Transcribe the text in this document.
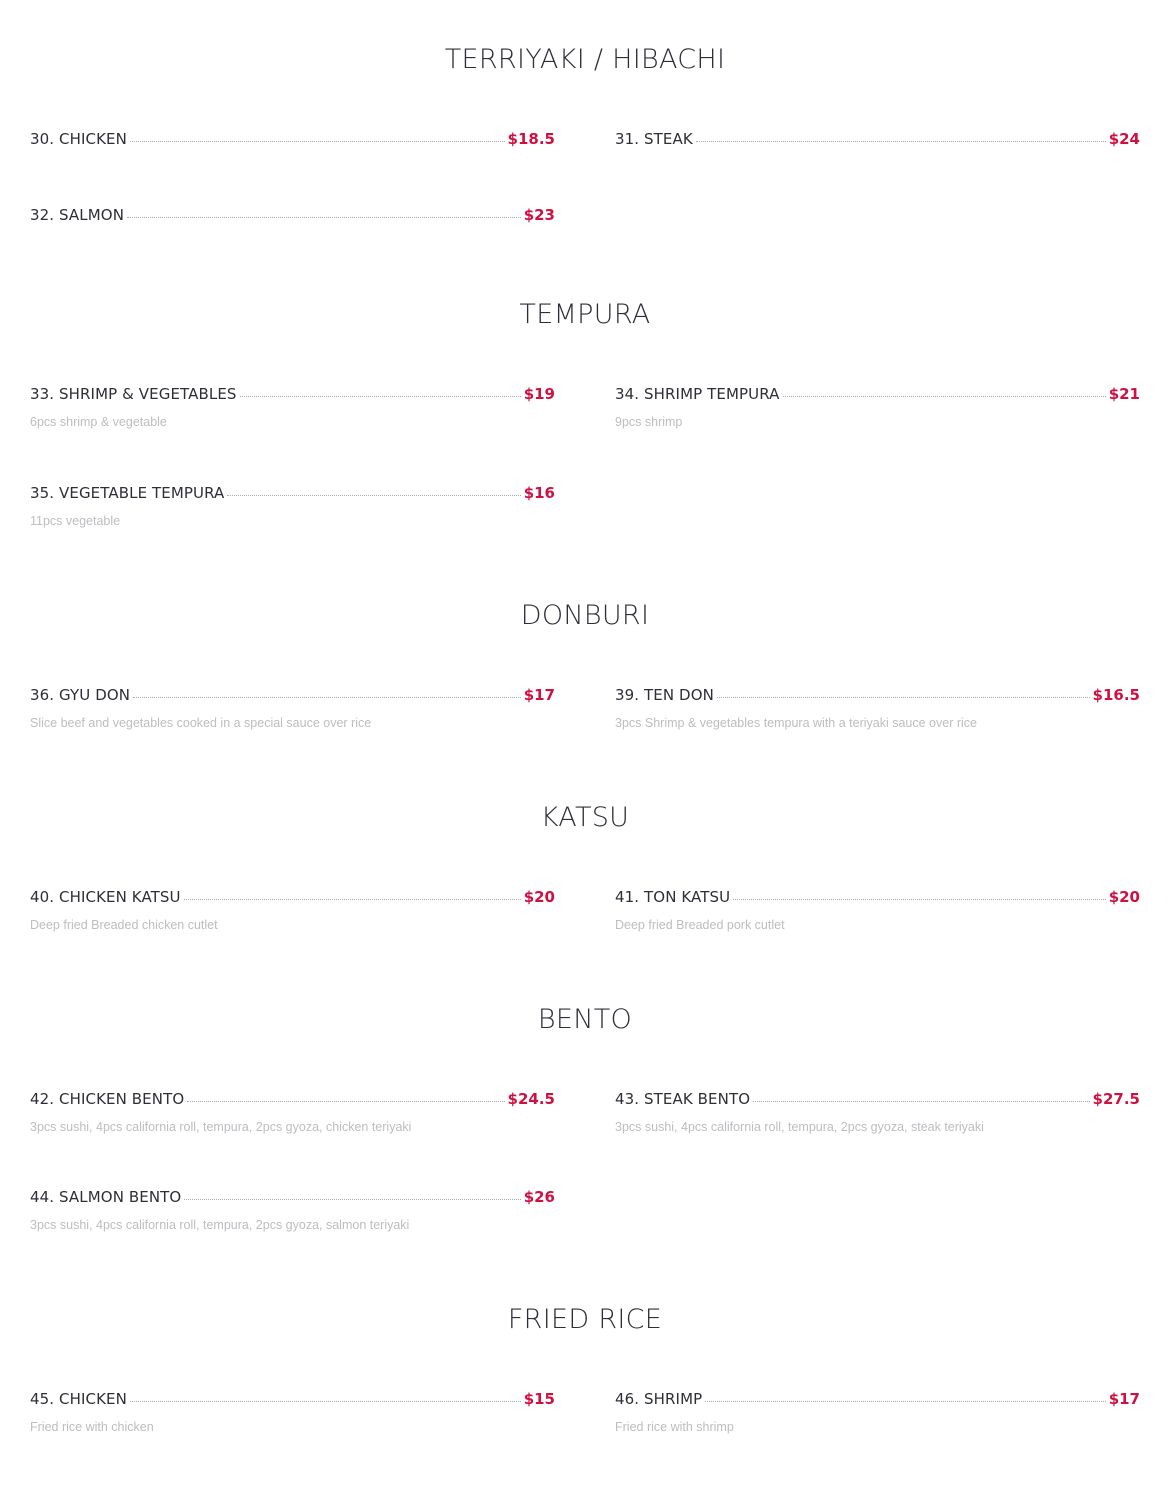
TERRIYAKI / HIBACHI
30. CHICKEN	$18.5	31. STEAK	$24
32. SALMON	$23
TEMPURA
33. SHRIMP & VEGETABLES	$19
6pcs shrimp & vegetable
34. SHRIMP TEMPURA	$21
9pcs shrimp
35. VEGETABLE TEMPURA	$16
11pcs vegetable
DONBURI
36. GYU DON	$17
Slice beef and vegetables cooked in a special sauce over rice
39. TEN DON	$16.5
3pcs Shrimp & vegetables tempura with a teriyaki sauce over rice
KATSU
40. CHICKEN KATSU	$20
Deep fried Breaded chicken cutlet
41. TON KATSU	$20
Deep fried Breaded pork cutlet
BENTO
42. CHICKEN BENTO	$24.5
3pcs sushi, 4pcs california roll, tempura, 2pcs gyoza, chicken teriyaki
43. STEAK BENTO	$27.5
3pcs sushi, 4pcs california roll, tempura, 2pcs gyoza, steak teriyaki
44. SALMON BENTO	$26
3pcs sushi, 4pcs california roll, tempura, 2pcs gyoza, salmon teriyaki
FRIED RICE
45. CHICKEN	$15
Fried rice with chicken
46. SHRIMP	$17
Fried rice with shrimp
